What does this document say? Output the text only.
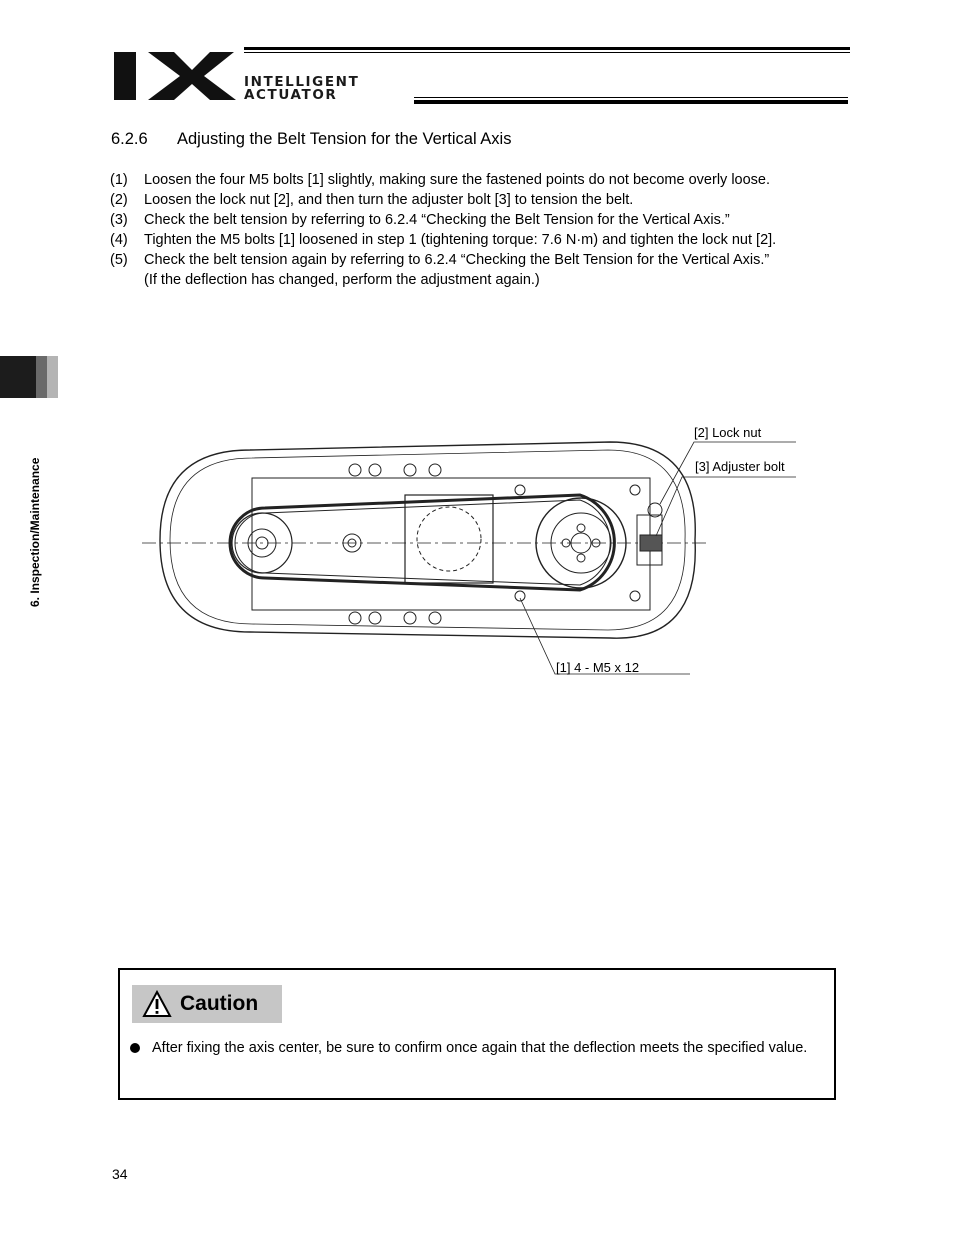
INTELLIGENT
ACTUATOR
6. Inspection/Maintenance
6.2.6 Adjusting the Belt Tension for the Vertical Axis
(1)	Loosen the four M5 bolts [1] slightly, making sure the fastened points do not become overly loose.
(2)	Loosen the lock nut [2], and then turn the adjuster bolt [3] to tension the belt.
(3)	Check the belt tension by referring to 6.2.4 “Checking the Belt Tension for the Vertical Axis.”
(4)	Tighten the M5 bolts [1] loosened in step 1 (tightening torque: 7.6 N·m) and tighten the lock nut [2].
(5)	Check the belt tension again by referring to 6.2.4 “Checking the Belt Tension for the Vertical Axis.”
(If the deflection has changed, perform the adjustment again.)
[2] Lock nut
[3] Adjuster bolt
[1] 4 - M5 x 12
Caution
After fixing the axis center, be sure to confirm once again that the deflection meets the specified value.
34
